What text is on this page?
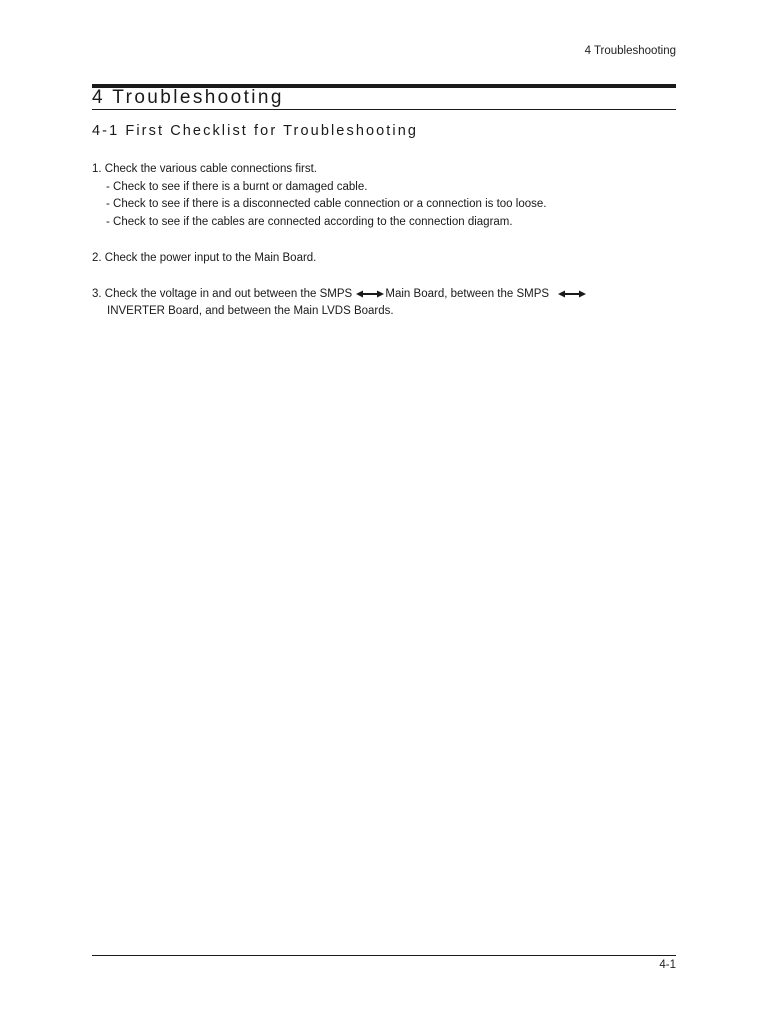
4 Troubleshooting
4 Troubleshooting
4-1 First Checklist for Troubleshooting
1. Check the various cable connections first.
- Check to see if there is a burnt or damaged cable.
- Check to see if there is a disconnected cable connection or a connection is too loose.
- Check to see if the cables are connected according to the connection diagram.
2. Check the power input to the Main Board.
3. Check the voltage in and out between the SMPS	Main Board, between the SMPS
INVERTER Board, and between the Main LVDS Boards.
4-1
